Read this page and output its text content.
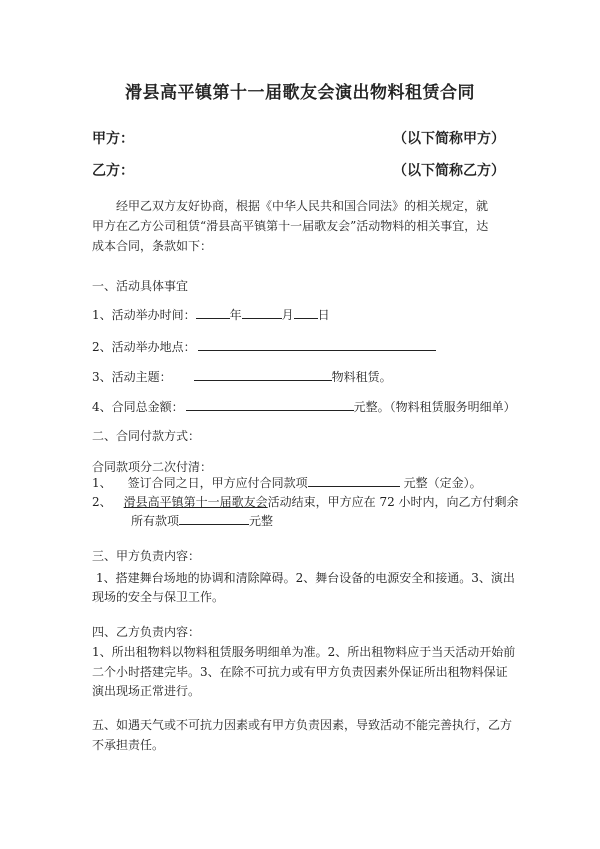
滑县高平镇第十一届歌友会演出物料租赁合同
甲方：	（以下简称甲方）
乙方：	（以下简称乙方）
经甲乙双方友好协商，根据《中华人民共和国合同法》的相关规定，就甲方在乙方公司租赁“滑县高平镇第十一届歌友会”活动物料的相关事宜，达成本合同，条款如下：
一、活动具体事宜
1、活动举办时间：	年	月 日
2、活动举办地点：
3、活动主题：	物料租赁。
4、合同总金额：	元整。（物料租赁服务明细单）
二、合同付款方式：
合同款项分二次付清：
1、 签订合同之日，甲方应付合同款项	元整（定金）。
2、 滑县高平镇第十一届歌友会活动结束，甲方应在 72 小时内，向乙方付剩余
所有款项	元整
三、甲方负责内容：
1、搭建舞台场地的协调和清除障碍。2、舞台设备的电源安全和接通。3、演出
现场的安全与保卫工作。
四、乙方负责内容：
1、所出租物料以物料租赁服务明细单为准。2、所出租物料应于当天活动开始前
二个小时搭建完毕。3、在除不可抗力或有甲方负责因素外保证所出租物料保证
演出现场正常进行。
五、如遇天气或不可抗力因素或有甲方负责因素，导致活动不能完善执行，乙方
不承担责任。
